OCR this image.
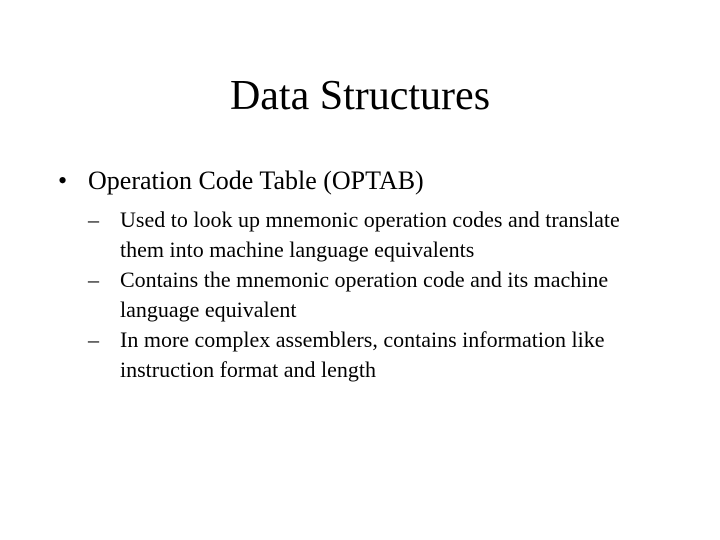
Data Structures
• Operation Code Table (OPTAB)
– Used to look up mnemonic operation codes and translate them into machine language equivalents
– Contains the mnemonic operation code and its machine language equivalent
– In more complex assemblers, contains information like instruction format and length
